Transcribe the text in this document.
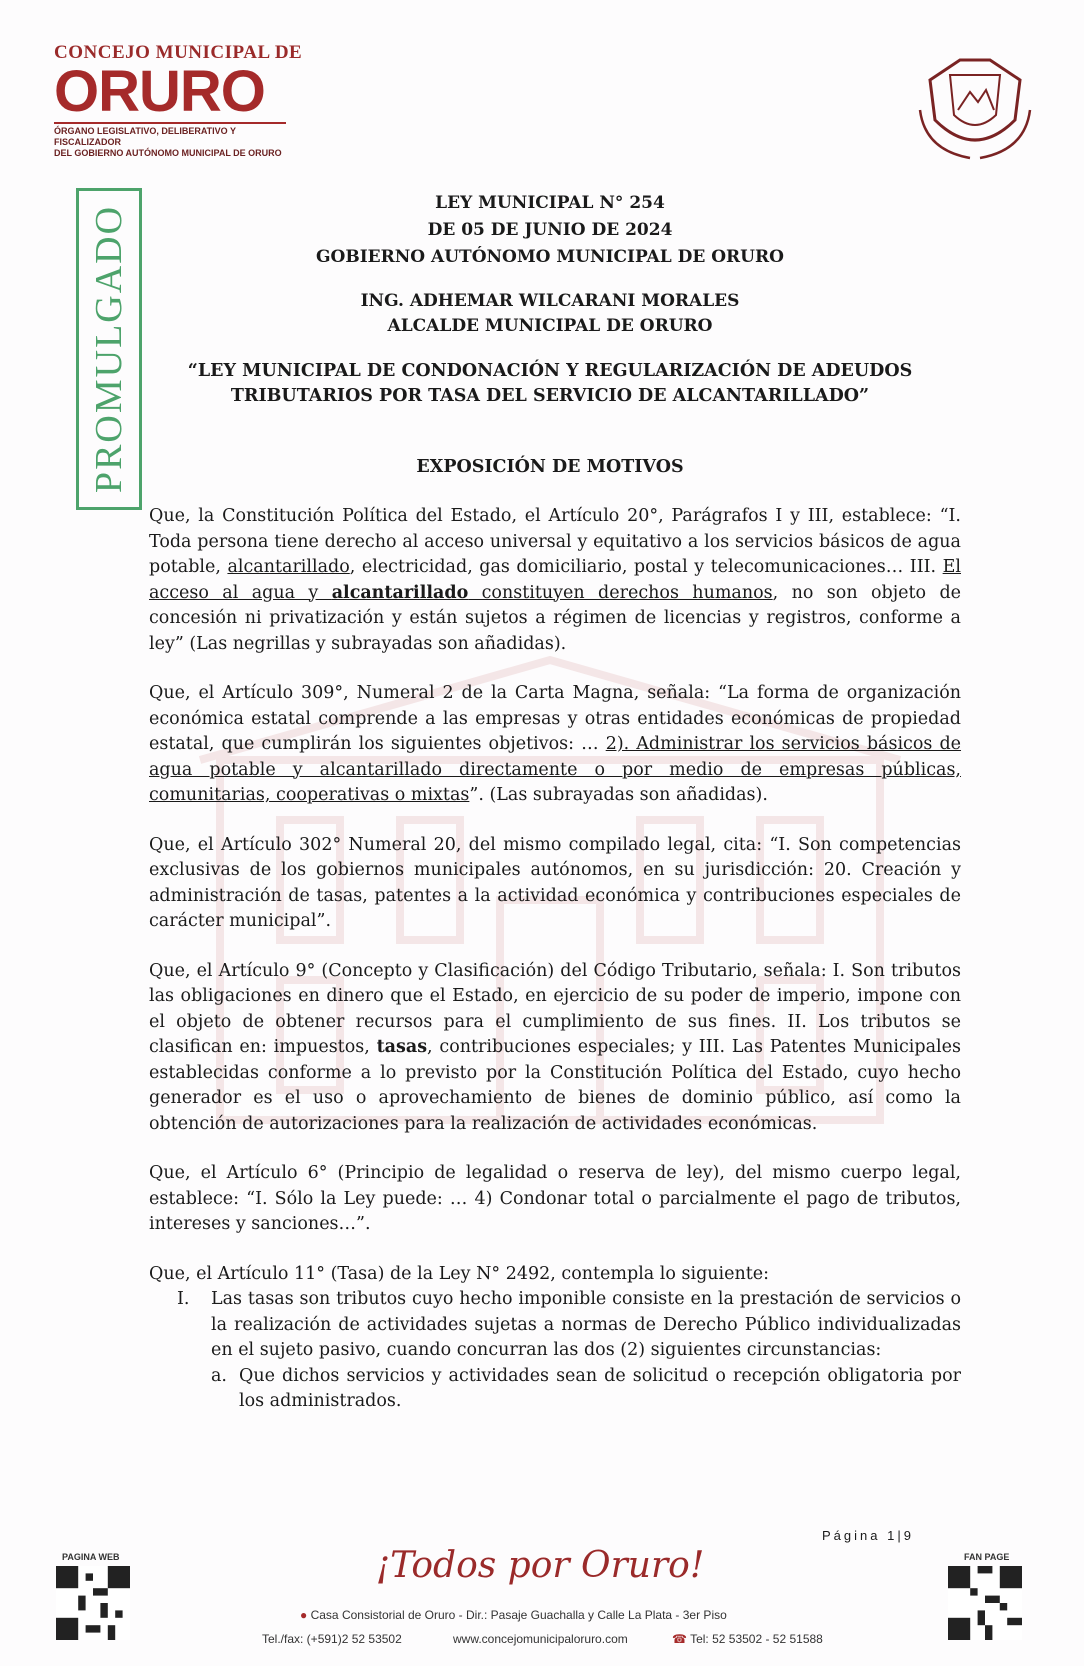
CONCEJO MUNICIPAL DE
ORURO
ÓRGANO LEGISLATIVO, DELIBERATIVO Y FISCALIZADOR
DEL GOBIERNO AUTÓNOMO MUNICIPAL DE ORURO
PROMULGADO
LEY MUNICIPAL N° 254
DE 05 DE JUNIO DE 2024
GOBIERNO AUTÓNOMO MUNICIPAL DE ORURO
ING. ADHEMAR WILCARANI MORALES
ALCALDE MUNICIPAL DE ORURO
“LEY MUNICIPAL DE CONDONACIÓN Y REGULARIZACIÓN DE ADEUDOS
TRIBUTARIOS POR TASA DEL SERVICIO DE ALCANTARILLADO”
EXPOSICIÓN DE MOTIVOS

Que, la Constitución Política del Estado, el Artículo 20°, Parágrafos I y III, establece: “I. Toda persona tiene derecho al acceso universal y equitativo a los servicios básicos de agua potable, alcantarillado, electricidad, gas domiciliario, postal y telecomunicaciones… III. El acceso al agua y alcantarillado constituyen derechos humanos, no son objeto de concesión ni privatización y están sujetos a régimen de licencias y registros, conforme a ley” (Las negrillas y subrayadas son añadidas).

Que, el Artículo 309°, Numeral 2 de la Carta Magna, señala: “La forma de organización económica estatal comprende a las empresas y otras entidades económicas de propiedad estatal, que cumplirán los siguientes objetivos: … 2). Administrar los servicios básicos de agua potable y alcantarillado directamente o por medio de empresas públicas, comunitarias, cooperativas o mixtas”. (Las subrayadas son añadidas).

Que, el Artículo 302° Numeral 20, del mismo compilado legal, cita: “I. Son competencias exclusivas de los gobiernos municipales autónomos, en su jurisdicción: 20. Creación y administración de tasas, patentes a la actividad económica y contribuciones especiales de carácter municipal”.

Que, el Artículo 9° (Concepto y Clasificación) del Código Tributario, señala: I. Son tributos las obligaciones en dinero que el Estado, en ejercicio de su poder de imperio, impone con el objeto de obtener recursos para el cumplimiento de sus fines. II. Los tributos se clasifican en: impuestos, tasas, contribuciones especiales; y III. Las Patentes Municipales establecidas conforme a lo previsto por la Constitución Política del Estado, cuyo hecho generador es el uso o aprovechamiento de bienes de dominio público, así como la obtención de autorizaciones para la realización de actividades económicas.

Que, el Artículo 6° (Principio de legalidad o reserva de ley), del mismo cuerpo legal, establece: “I. Sólo la Ley puede: … 4) Condonar total o parcialmente el pago de tributos, intereses y sanciones…”.

Que, el Artículo 11° (Tasa) de la Ley N° 2492, contempla lo siguiente:
I.	Las tasas son tributos cuyo hecho imponible consiste en la prestación de servicios o la realización de actividades sujetas a normas de Derecho Público individualizadas en el sujeto pasivo, cuando concurran las dos (2) siguientes circunstancias:
a. Que dichos servicios y actividades sean de solicitud o recepción obligatoria por los administrados.
Página 1|9
¡Todos por Oruro!
PAGINA WEB	FAN PAGE
● Casa Consistorial de Oruro - Dir.: Pasaje Guachalla y Calle La Plata - 3er Piso
Tel./fax: (+591)2 52 53502	www.concejomunicipaloruro.com	☎ Tel: 52 53502 - 52 51588
